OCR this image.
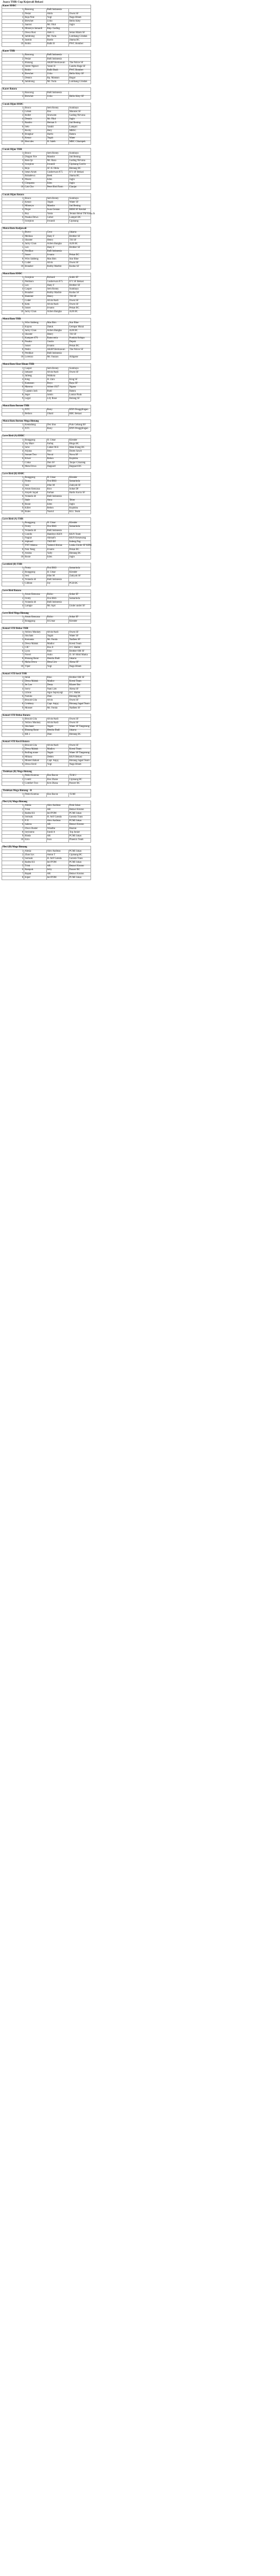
Juara THR Cup Kejuvali Bekasi
Kacer HSBC			
1	Bancong	BnR Indonesia	
2	Pesiar	Abdu	Owen SF
3	Raja Nini	Yogi	Naga Hitam
4	Brewhet	Ucho	Hello Kitty
5	Jaanisi	Mr. Fikri	Joglo
6	Misteryo Jamardi	Kkp. Gading	
7	Dewa Rusi	Aleh G	Setan Hitam SF
8	Jambrong	Mr. Yuda	Lombang Cilodak
9	Jasmin	Bardo	Jitama BC
10	Robin	Balhi B	PWC Bomber
Kacer THR			
1	Bancong	BnR Indonesia	
2	Pesiar	BnR Indonesia	
3	Bintang	AKBP Hermawan	The Police SF
4	Sintre Ngesot	Yanni H	Candra Raga SF
5	Robin	Balhi Bush	PWC Bomber
6	Brewhet	Ucho	Hello Kitty SF
7	Dennis	Bp. Mannan	Bogor
8	Jambrong	Mr. Yuda	Lombang Cilodak
Kacer Batara			
1	Bancong	BnR Indonesia	
2	Brewhet	Ucho	Hello Kitty SF
Cucak Hijau HSBC			
1	Bosco	Sem Ronny	Surabaya
2	Cebok	Eko	Monster SF
3	Rollet	Sinowato	Gading Nirvana
4	Dennis	Mr. Fikri	Joglo
5	Rambo	Hernan S	Jati Bening
6	Seto	Yandri	Lampiri
7	Rocky	Hery	MBSC
8	Bongkar	Harris	Batara
9	Kenzo	Tegah	Water
10	Hercules	H. Saleh	MBC Cikampek
Cucak Hijau THR			
1	Bosco	Sem Ronny	Surabaya
2	Dragon Fire	Mandor	Jati Bening
3	Batu Ijo	Mr. Raza	Gading Nirvana
4	Scorpion	Irwandi	Cipinang Garcht
5	Bejo	SF 45 Oktia	Bintang BC
6	Setan Arum	Gusherwan 875	671 SF Bekasi
7	Bahadewa	Beek	Jitama BC
8	Pinero	Edex	Joglo
9	Cleopatra	Edex	Joglo
10	Cak Cho	Peter Bird Farm	Cianjur
Cucak Hijau Batara			
1	Bosco	Sem Ronny	Surabaya
2	Kenzo	Tegah	Water SF
3	Misteryo	Mandor	Jati Bening
4	Pinjer	Iwan Gentan	BBM SF Kendal
5	Roy	Yania	Teratai Bmut TM Kota JS
6	Pusaka Dewa	Gober	Lampiri BC
7	Scorpion	Irwandi	Cipinang
Murai Batu Radjawali			
1	Bravo	Ceco	Jakarta
2	Medusa	Hany F	Brother SF
3	Shooter	Henry	TSI SF
4	Jacky Chan	Achen Bangka	A2B BC
5	Leo	Hany F	Brother SF
6	Predikat	BnR Indonesia	
7	Soner	Irvanto	Pekan BC
8	Wiro Sableng	Mas Bim	Star Blue
9	Codet	Alvin	Owen SF
10	Bonaber	Robby Marble	Kudus SF
Murai Batu HSBC			
1	Scorpion	Richard	Soleh SF
2	Pembara	Gusherwan 875	671 SF Bekasi
3	Leo	Hany F	Brother SF
4	Casper	Sem Ronny	Surabaya
5	Bonaber	Robby Marble	Kudus SF
6	Hammer	Henry	TSI SF
7	Codet	Alvin/Andi	Owen SF
8	Ketu	Alvin/Andi	Owen SF
9	Soner	Irvanto	Pekan BC
10	Jacky Chan	Achen Bangka	A2B BC
Murai Batu THR			
1	Wiro Sableng	Mas Bim	Star Blue
2	Kujora	Datuk	Gempar Murai
3	Jacky Chan	Achen Bangka	A2B BC
4	Shooter	Henry	TSI SF
5	Kampret 676	Ratucomia	Pondok Kelapa
6	Pusaka	Gustio	Depok
7	Soner	Irvanto	Pekan BC
8	Pedro	AKBP Hermawan	The Police SF
9	Predikat	BnR Indonesia	
10	Lorenzo	Mr. Fauzan	Alligator
Murai Batu Ekor Hitam THR			
1	Casper	Sem Ronny	Surabaya
2	Setiaser	Alvin/Andi	Owen SF
3	Jalleng	Walkota	
4	King	H. Zain	King SF
5	Kamasan	Boyo	Raya SF
6	Marona	Arbon 1927	Nganu
7	Captain Jack	Rudi	Batara
8	Jeger	Jamin	Lontar Pinik
9	Legal	Lily Rose	Bolang SF
Murai Batu Borneo THR			
1	XTC	Rony	RNN Penggilingan
2	Bethon	Ubaid	BBC Bekasi
Murai Batu Borneo Mega Bintang			
1	Kentadung	Dwi Imo	Pulo Gebang BF
2	XTC	Rony	RNN Penggilingan
Love Bird (A) HSBC			
1	Ronggong	H. Umar	Klender
2	Joy Marv	Farhaj	Blogs BC
3	Seve	Cahier M.E	Mata Elang BC
4	Arjuna	Fery	Duren Sawit
5	Sonuet Two	Noval	Nova SF
6	Kiwer	Rebon	Kopluba
7	Cinka	Don SF	Tanjur Cikarang
8	Mata Dewa	Happard	Happard BC
Love Bird (B) HSBC			
1	Ronggong	H. Umar	Klender
2	Frotty	Fini BKS	Samarinda
3	Sesi	Irfan M	Zakiyah SF
4	Arum Kencana	Rico	Sobat DF
5	Aisyeh Sajad	Farhan	Hartis Korra SF
6	Yolanda 44	BnR Indonesia	
7	Stale	Anca	Teber
8	Rosie	Edex	Joglo
9	Killer	Rebon	Kopluba
10	Rules	Nasrul	KLL Team
Love Bird (A) THR			
1	Ronggong	H. Umar	Klender
2	Frotty	Fini BKS	Samarinda
3	Yolanda 44	BnR Indonesia	
4	Gondis	Handoyo KKN	KKN Team
5	Nugrat	Ahmad's	KKN Kenawang
6	Alphard	TKD BF	Indeng Pag
7	TNT Athena	Vaderol Abrian	Lenka Under SF KRW
8	Nok Neng	Irvanto	Pekan BC
9	Arubia	Yally	Bintang BC
10	Rosie	Edex	Joglo
Lovebird (B) THR			
1	Frotty	Fini BKS	Samarinda
2	Ronggong	H. Umar	Klender
3	Sesi	Irfan M	Zakiyah SF
4	Yolanda 44	BnR Indonesia	
5	Gibbon	Joy	PGB BC
Love Bird Batara			
1	Arum Kencana	Ricko	Sobat SF
2	Frotty	Fini BKS	Samarinda
3	Yolanda 44	BnR Indonesia	
4	Lampje	Mr. Apri	Under under SF
Love Bird Mega Bintang			
1	Arum Kencana	Ricko	Sobat SF
2	Ronggong	H.Umar	Klender
Kenari STD Bebas THR			
1	Yellow Monkey	Alvin/Andi	Owen SF
2	Sinchats	Tegah	Water SF
3	Komanta	Mr. Fonda	Nadhen SF
4	Dewa Mabuk	Madior	Kresti Team
5	CR7	Eka Jr	Jr C Halim
6	Lyon	Rino	Brother 666 SF
7	Novel	Astio	D. SF Hitid Mama
8	Bintang Barat	Hendra Budi	Jakarta
9	Maha Dewa	Hesa Lim	Alena SF
10	Viper	Yogi	Naga Hitam
Kenari STD kecil THR			
1	Intuk	Rino	Brother 666 SF
2	Dewa Mabuk	Madior	Kresti Team
3	Jet Lee	Desta	Kharer Bor
4	Sorry	Nani Lim	Alena SF
5	Librus	Agus Saprayogi	Jr C Halim
6	Naruko	Dian	Bintang BC
7	Brocah Gila	Alvin	Owen SF
8	Celebuty	Capt. Anjaj	Bintang Jagad Team
9	Monser	Mr. Fonda	Nadhen SF
Kenari STD Bebas Batara			
1	Brocah Gila	Alvin/Andi	Owen SF
2	Yellow Monkey	Alvin/Andi	Owen SF
3	Sinchane	Tegah	Water SF Tangerang
4	Bintang Barat	Hendra Budi	Jakarta
5	RB 2	Dian	Bintang BC
Kenari STD Kecil Batara			
1	Brocah Gila	Alvin/Andi	Owen SF
2	Dewa Mabuk	Madiox	Kresti Team
3	Rolling stone	Tegah	Water SF Tangerang
4	Mikasa	Deden	KKN Bekasi
5	Misteri Bahari	Capt. Anjaj	Bintang Jagad Team
6	Dewa Kroil	Yogi	Naga Hitam
Tledekan (B) Mega Bintang			
1	Pedot Kontras	Eko Bacon	TLM J
2	Contil	Eko Zhane	Cipinang BC
3	Comfort Two	Kris Diana	Pancer BC
Tledekan Mega Bintang - B
1	Pedot Kontras	Eko Bacon	TLMJ
Pleci (A) Mega Bintang			
1	Alesia	Alex Andreas	Pemi Jakas
2	Trisk	AR	Betawi Kruton
3	Radea KS	Ind POM	PCMJ Jakas
4	Somsak	H. Arif Gatsda	Garuda Trans
5	P JI	Alex Andreas	PCMJ Jakas
6	Sabrea	AR	Betawi Kruton
7	Disco Buster	Wandhe	Buaran
8	Seyloutra	Fandi A	Top Junior
9	Rinda	AR	PCMJ Jakas
10	Ezra	Ivan	Phoenix Team
Pleci (B) Mega Bintang			
1	Alesia	Alex Andreas	PCMJ Jakas
2	Zhan Sys	Anton T	Cipinang BC
3	Somsak	H. Arif Gatsda	Garuda Trans
4	Radea KS	Ind POM	PCMJ Jakas
5	Trisk	AR	Betawi Kruton
6	Rampok	Jelry	Pancer BC
7	Rapak	AR	Betawi Kruton
8	Kiper	Ind POM	PCMJ Jakas
